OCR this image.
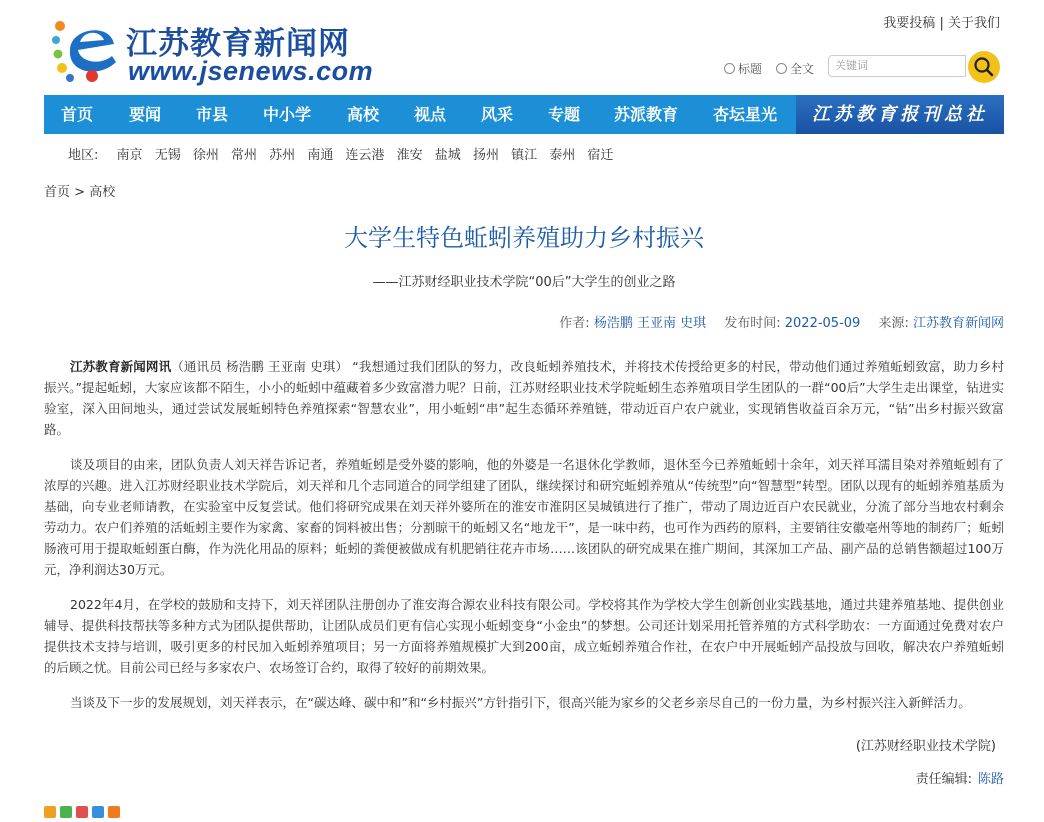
江苏教育新闻网
www.jsenews.com
我要投稿 | 关于我们
标题	全文	关键词
首页 要闻 市县 中小学 高校 视点 风采 专题 苏派教育 杏坛星光	江苏教育报刊总社
地区: 南京 无锡 徐州 常州 苏州 南通 连云港 淮安 盐城 扬州 镇江 泰州 宿迁
首页 > 高校
大学生特色蚯蚓养殖助力乡村振兴
——江苏财经职业技术学院“00后”大学生的创业之路
作者: 杨浩鹏 王亚南 史琪 发布时间: 2022-05-09 来源: 江苏教育新闻网

江苏教育新闻网讯（通讯员 杨浩鹏 王亚南 史琪） “我想通过我们团队的努力，改良蚯蚓养殖技术，并将技术传授给更多的村民，带动他们通过养殖蚯蚓致富，助力乡村振兴。”提起蚯蚓，大家应该都不陌生，小小的蚯蚓中蕴藏着多少致富潜力呢？日前，江苏财经职业技术学院蚯蚓生态养殖项目学生团队的一群“00后”大学生走出课堂，钻进实验室，深入田间地头，通过尝试发展蚯蚓特色养殖探索“智慧农业”，用小蚯蚓“串”起生态循环养殖链，带动近百户农户就业，实现销售收益百余万元，“钻”出乡村振兴致富路。

谈及项目的由来，团队负责人刘天祥告诉记者，养殖蚯蚓是受外婆的影响，他的外婆是一名退休化学教师，退休至今已养殖蚯蚓十余年，刘天祥耳濡目染对养殖蚯蚓有了浓厚的兴趣。进入江苏财经职业技术学院后，刘天祥和几个志同道合的同学组建了团队，继续探讨和研究蚯蚓养殖从“传统型”向“智慧型”转型。团队以现有的蚯蚓养殖基质为基础，向专业老师请教，在实验室中反复尝试。他们将研究成果在刘天祥外婆所在的淮安市淮阴区吴城镇进行了推广，带动了周边近百户农民就业，分流了部分当地农村剩余劳动力。农户们养殖的活蚯蚓主要作为家禽、家畜的饲料被出售；分割晾干的蚯蚓又名“地龙干”，是一味中药，也可作为西药的原料，主要销往安徽亳州等地的制药厂；蚯蚓肠液可用于提取蚯蚓蛋白酶，作为洗化用品的原料；蚯蚓的粪便被做成有机肥销往花卉市场……该团队的研究成果在推广期间，其深加工产品、副产品的总销售额超过100万元，净利润达30万元。

2022年4月，在学校的鼓励和支持下，刘天祥团队注册创办了淮安海合源农业科技有限公司。学校将其作为学校大学生创新创业实践基地，通过共建养殖基地、提供创业辅导、提供科技帮扶等多种方式为团队提供帮助，让团队成员们更有信心实现小蚯蚓变身“小金虫”的梦想。公司还计划采用托管养殖的方式科学助农：一方面通过免费对农户提供技术支持与培训，吸引更多的村民加入蚯蚓养殖项目；另一方面将养殖规模扩大到200亩，成立蚯蚓养殖合作社，在农户中开展蚯蚓产品投放与回收，解决农户养殖蚯蚓的后顾之忧。目前公司已经与多家农户、农场签订合约，取得了较好的前期效果。

当谈及下一步的发展规划，刘天祥表示，在“碳达峰、碳中和”和“乡村振兴”方针指引下，很高兴能为家乡的父老乡亲尽自己的一份力量，为乡村振兴注入新鲜活力。

(江苏财经职业技术学院)
责任编辑: 陈路
